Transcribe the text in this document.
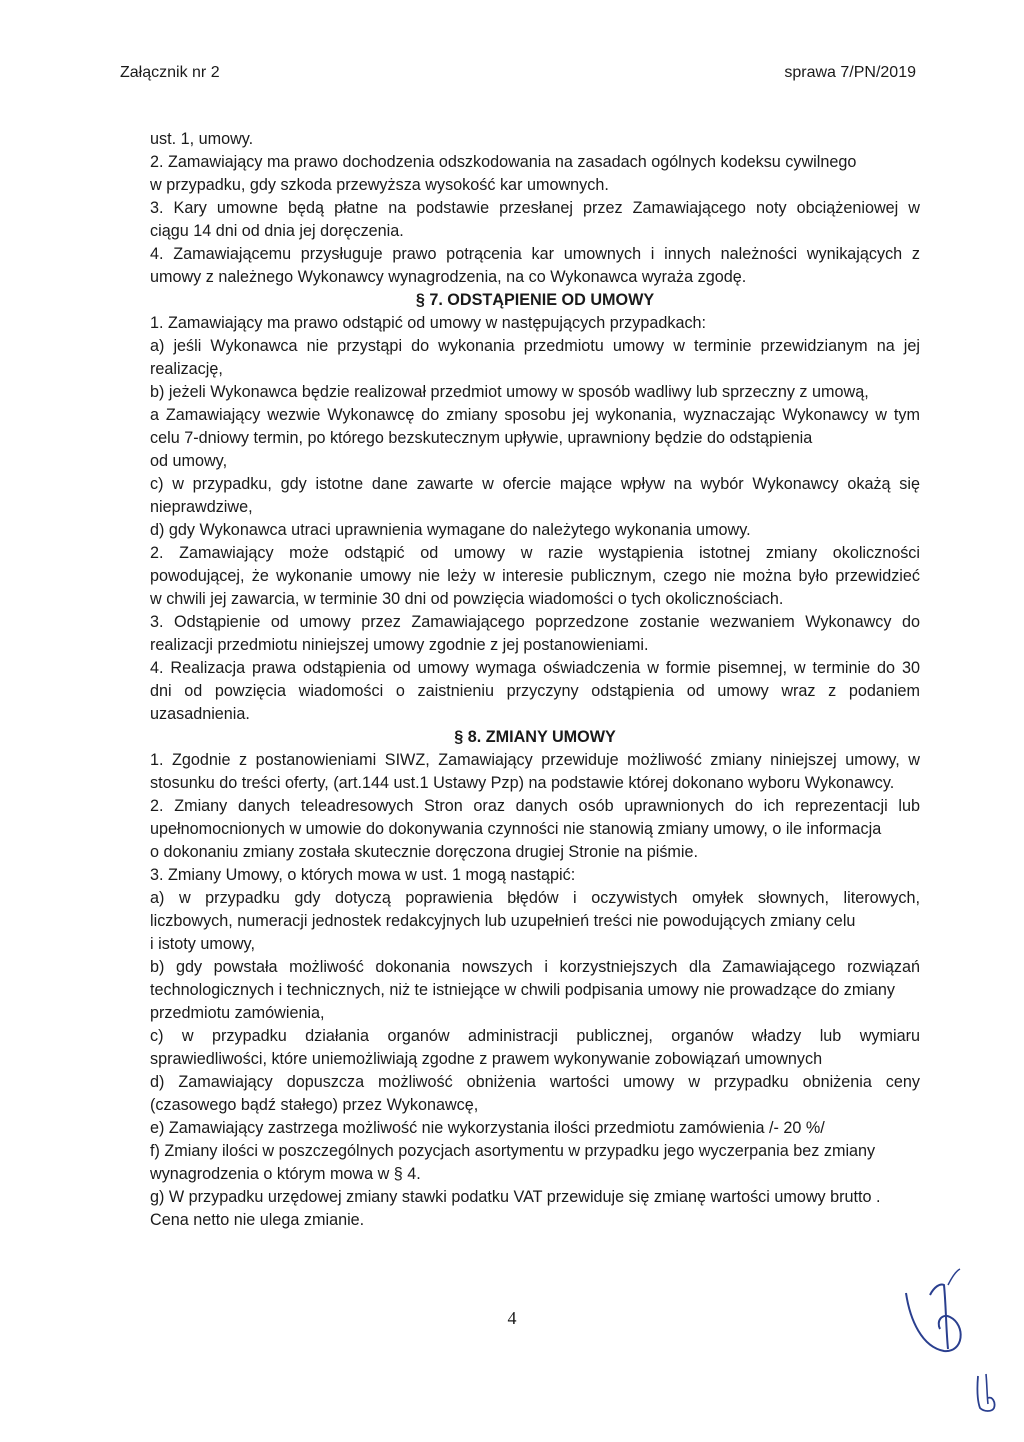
Załącznik nr 2	sprawa 7/PN/2019

ust. 1, umowy.

2. Zamawiający ma prawo dochodzenia odszkodowania na zasadach ogólnych kodeksu cywilnego

w przypadku, gdy szkoda przewyższa wysokość kar umownych.

3. Kary umowne będą płatne na podstawie przesłanej przez Zamawiającego noty obciążeniowej w

ciągu 14 dni od dnia jej doręczenia.

4. Zamawiającemu przysługuje prawo potrącenia kar umownych i innych należności wynikających z

umowy z należnego Wykonawcy wynagrodzenia, na co Wykonawca wyraża zgodę.

§ 7. ODSTĄPIENIE OD UMOWY

1. Zamawiający ma prawo odstąpić od umowy w następujących przypadkach:

a) jeśli Wykonawca nie przystąpi do wykonania przedmiotu umowy w terminie przewidzianym na jej

realizację,

b) jeżeli Wykonawca będzie realizował przedmiot umowy w sposób wadliwy lub sprzeczny z umową,

a Zamawiający wezwie Wykonawcę do zmiany sposobu jej wykonania, wyznaczając Wykonawcy w tym

celu 7-dniowy termin, po którego bezskutecznym upływie, uprawniony będzie do odstąpienia

od umowy,

c) w przypadku, gdy istotne dane zawarte w ofercie mające wpływ na wybór Wykonawcy okażą się

nieprawdziwe,

d) gdy Wykonawca utraci uprawnienia wymagane do należytego wykonania umowy.

2. Zamawiający może odstąpić od umowy w razie wystąpienia istotnej zmiany okoliczności

powodującej, że wykonanie umowy nie leży w interesie publicznym, czego nie można było przewidzieć

w chwili jej zawarcia, w terminie 30 dni od powzięcia wiadomości o tych okolicznościach.

3. Odstąpienie od umowy przez Zamawiającego poprzedzone zostanie wezwaniem Wykonawcy do

realizacji przedmiotu niniejszej umowy zgodnie z jej postanowieniami.

4. Realizacja prawa odstąpienia od umowy wymaga oświadczenia w formie pisemnej, w terminie do 30

dni od powzięcia wiadomości o zaistnieniu przyczyny odstąpienia od umowy wraz z podaniem

uzasadnienia.

§ 8. ZMIANY UMOWY

1. Zgodnie z postanowieniami SIWZ, Zamawiający przewiduje możliwość zmiany niniejszej umowy, w

stosunku do treści oferty, (art.144 ust.1 Ustawy Pzp) na podstawie której dokonano wyboru Wykonawcy.

2. Zmiany danych teleadresowych Stron oraz danych osób uprawnionych do ich reprezentacji lub

upełnomocnionych w umowie do dokonywania czynności nie stanowią zmiany umowy, o ile informacja

o dokonaniu zmiany została skutecznie doręczona drugiej Stronie na piśmie.

3. Zmiany Umowy, o których mowa w ust. 1 mogą nastąpić:

a) w przypadku gdy dotyczą poprawienia błędów i oczywistych omyłek słownych, literowych,

liczbowych, numeracji jednostek redakcyjnych lub uzupełnień treści nie powodujących zmiany celu

i istoty umowy,

b) gdy powstała możliwość dokonania nowszych i korzystniejszych dla Zamawiającego rozwiązań

technologicznych i technicznych, niż te istniejące w chwili podpisania umowy nie prowadzące do zmiany

przedmiotu zamówienia,

c) w przypadku działania organów administracji publicznej, organów władzy lub wymiaru

sprawiedliwości, które uniemożliwiają zgodne z prawem wykonywanie zobowiązań umownych

d) Zamawiający dopuszcza możliwość obniżenia wartości umowy w przypadku obniżenia ceny

(czasowego bądź stałego) przez Wykonawcę,

e) Zamawiający zastrzega możliwość nie wykorzystania ilości przedmiotu zamówienia /- 20 %/

f) Zmiany ilości w poszczególnych pozycjach asortymentu w przypadku jego wyczerpania bez zmiany

wynagrodzenia o którym mowa w § 4.

g) W przypadku urzędowej zmiany stawki podatku VAT przewiduje się zmianę wartości umowy brutto .

Cena netto nie ulega zmianie.

4
